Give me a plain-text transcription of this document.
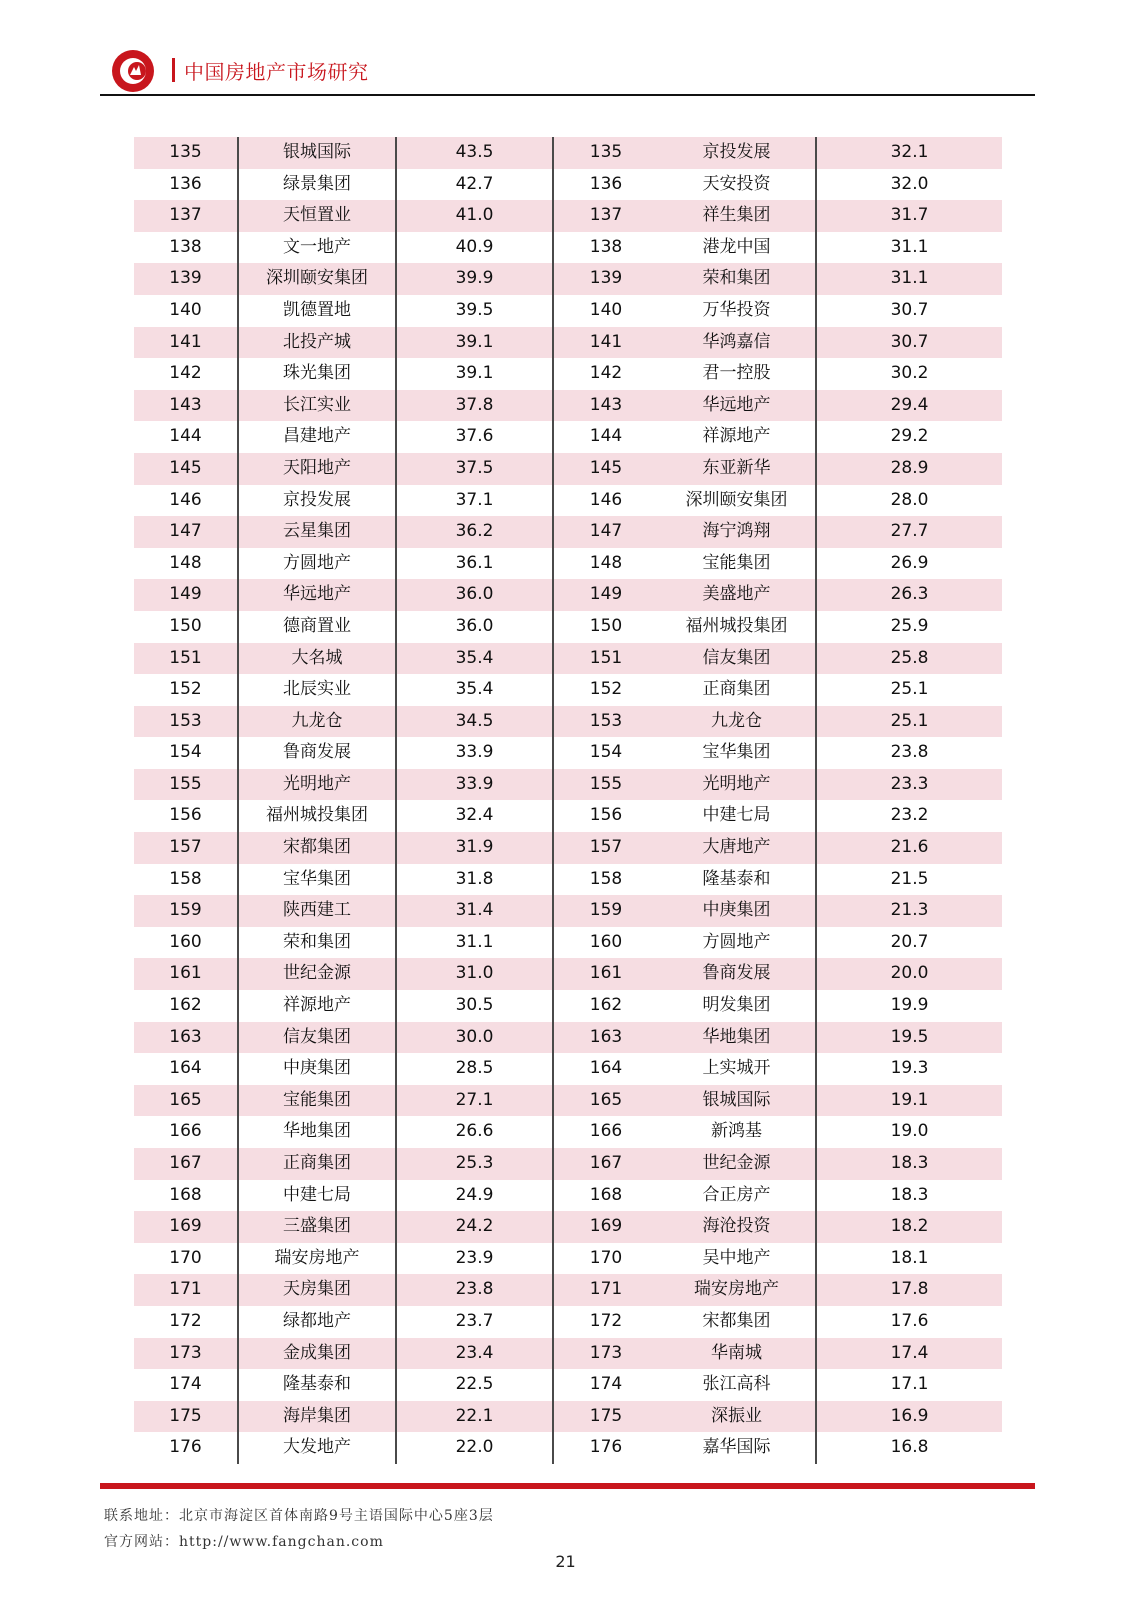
中国房地产市场研究
135	银城国际	43.5	135	京投发展	32.1
136	绿景集团	42.7	136	天安投资	32.0
137	天恒置业	41.0	137	祥生集团	31.7
138	文一地产	40.9	138	港龙中国	31.1
139	深圳颐安集团	39.9	139	荣和集团	31.1
140	凯德置地	39.5	140	万华投资	30.7
141	北投产城	39.1	141	华鸿嘉信	30.7
142	珠光集团	39.1	142	君一控股	30.2
143	长江实业	37.8	143	华远地产	29.4
144	昌建地产	37.6	144	祥源地产	29.2
145	天阳地产	37.5	145	东亚新华	28.9
146	京投发展	37.1	146	深圳颐安集团	28.0
147	云星集团	36.2	147	海宁鸿翔	27.7
148	方圆地产	36.1	148	宝能集团	26.9
149	华远地产	36.0	149	美盛地产	26.3
150	德商置业	36.0	150	福州城投集团	25.9
151	大名城	35.4	151	信友集团	25.8
152	北辰实业	35.4	152	正商集团	25.1
153	九龙仓	34.5	153	九龙仓	25.1
154	鲁商发展	33.9	154	宝华集团	23.8
155	光明地产	33.9	155	光明地产	23.3
156	福州城投集团	32.4	156	中建七局	23.2
157	宋都集团	31.9	157	大唐地产	21.6
158	宝华集团	31.8	158	隆基泰和	21.5
159	陕西建工	31.4	159	中庚集团	21.3
160	荣和集团	31.1	160	方圆地产	20.7
161	世纪金源	31.0	161	鲁商发展	20.0
162	祥源地产	30.5	162	明发集团	19.9
163	信友集团	30.0	163	华地集团	19.5
164	中庚集团	28.5	164	上实城开	19.3
165	宝能集团	27.1	165	银城国际	19.1
166	华地集团	26.6	166	新鸿基	19.0
167	正商集团	25.3	167	世纪金源	18.3
168	中建七局	24.9	168	合正房产	18.3
169	三盛集团	24.2	169	海沧投资	18.2
170	瑞安房地产	23.9	170	吴中地产	18.1
171	天房集团	23.8	171	瑞安房地产	17.8
172	绿都地产	23.7	172	宋都集团	17.6
173	金成集团	23.4	173	华南城	17.4
174	隆基泰和	22.5	174	张江高科	17.1
175	海岸集团	22.1	175	深振业	16.9
176	大发地产	22.0	176	嘉华国际	16.8
联系地址：北京市海淀区首体南路9号主语国际中心5座3层
官方网站：http://www.fangchan.com
21
